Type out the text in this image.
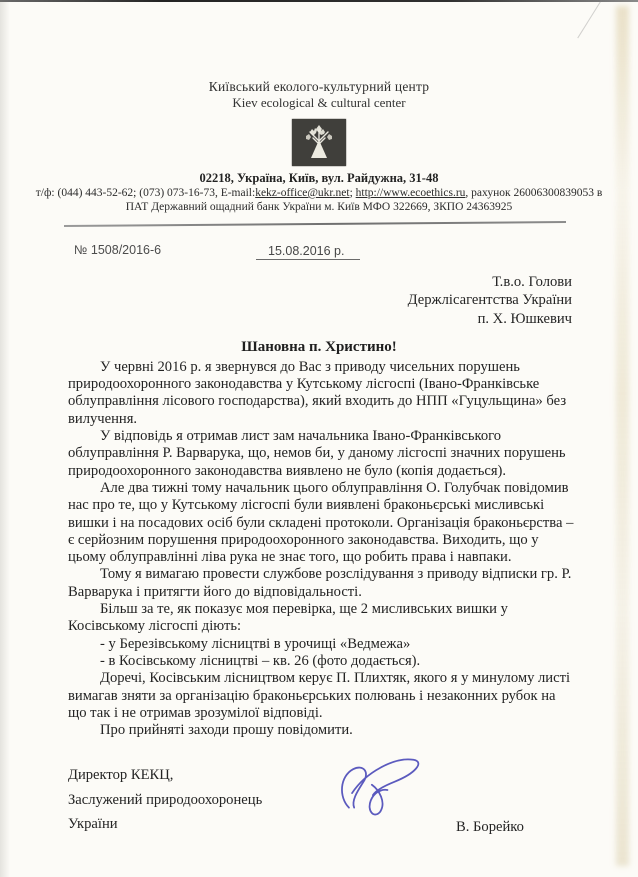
Київський еколого-культурний центр
Kiev ecological & cultural center
02218, Україна, Київ, вул. Райдужна, 31-48
т/ф: (044) 443-52-62; (073) 073-16-73, E-mail:kekz-office@ukr.net; http://www.ecoethics.ru, рахунок 26006300839053 в
ПАТ Державний ощадний банк України м. Київ МФО 322669, ЗКПО 24363925
№ 1508/2016-6	15.08.2016 р.
Т.в.о. Голови
Держлісагентства України
п. Х. Юшкевич
Шановна п. Христино!

У червні 2016 р. я звернувся до Вас з приводу чисельних порушень природоохоронного законодавства у Кутському лісгоспі (Івано-Франківське облуправління лісового господарства), який входить до НПП «Гуцульщина» без вилучення.

У відповідь я отримав лист зам начальника Івано-Франківського облуправління Р. Варварука, що, немов би, у даному лісгоспі значних порушень природоохоронного законодавства виявлено не було (копія додається).

Але два тижні тому начальник цього облуправління О. Голубчак повідомив нас про те, що у Кутському лісгоспі були виявлені браконьєрські мисливські вишки і на посадових осіб були складені протоколи. Організація браконьєрства – є серйозним порушення природоохоронного законодавства. Виходить, що у цьому облуправлінні ліва рука не знає того, що робить права і навпаки.

Тому я вимагаю провести службове розслідування з приводу відписки гр. Р. Варварука і притягти його до відповідальності.

Більш за те, як показує моя перевірка, ще 2 мисливських вишки у Косівському лісгоспі діють:

- у Березівському лісництві в урочищі «Ведмежа»

- в Косівському лісництві – кв. 26 (фото додається).

Доречі, Косівським лісництвом керує П. Плихтяк, якого я у минулому листі вимагав зняти за організацію браконьєрських полювань і незаконних рубок на що так і не отримав зрозумілої відповіді.

Про прийняті заходи прошу повідомити.

Директор КЕКЦ,
Заслужений природоохоронець
України	В. Борейко
